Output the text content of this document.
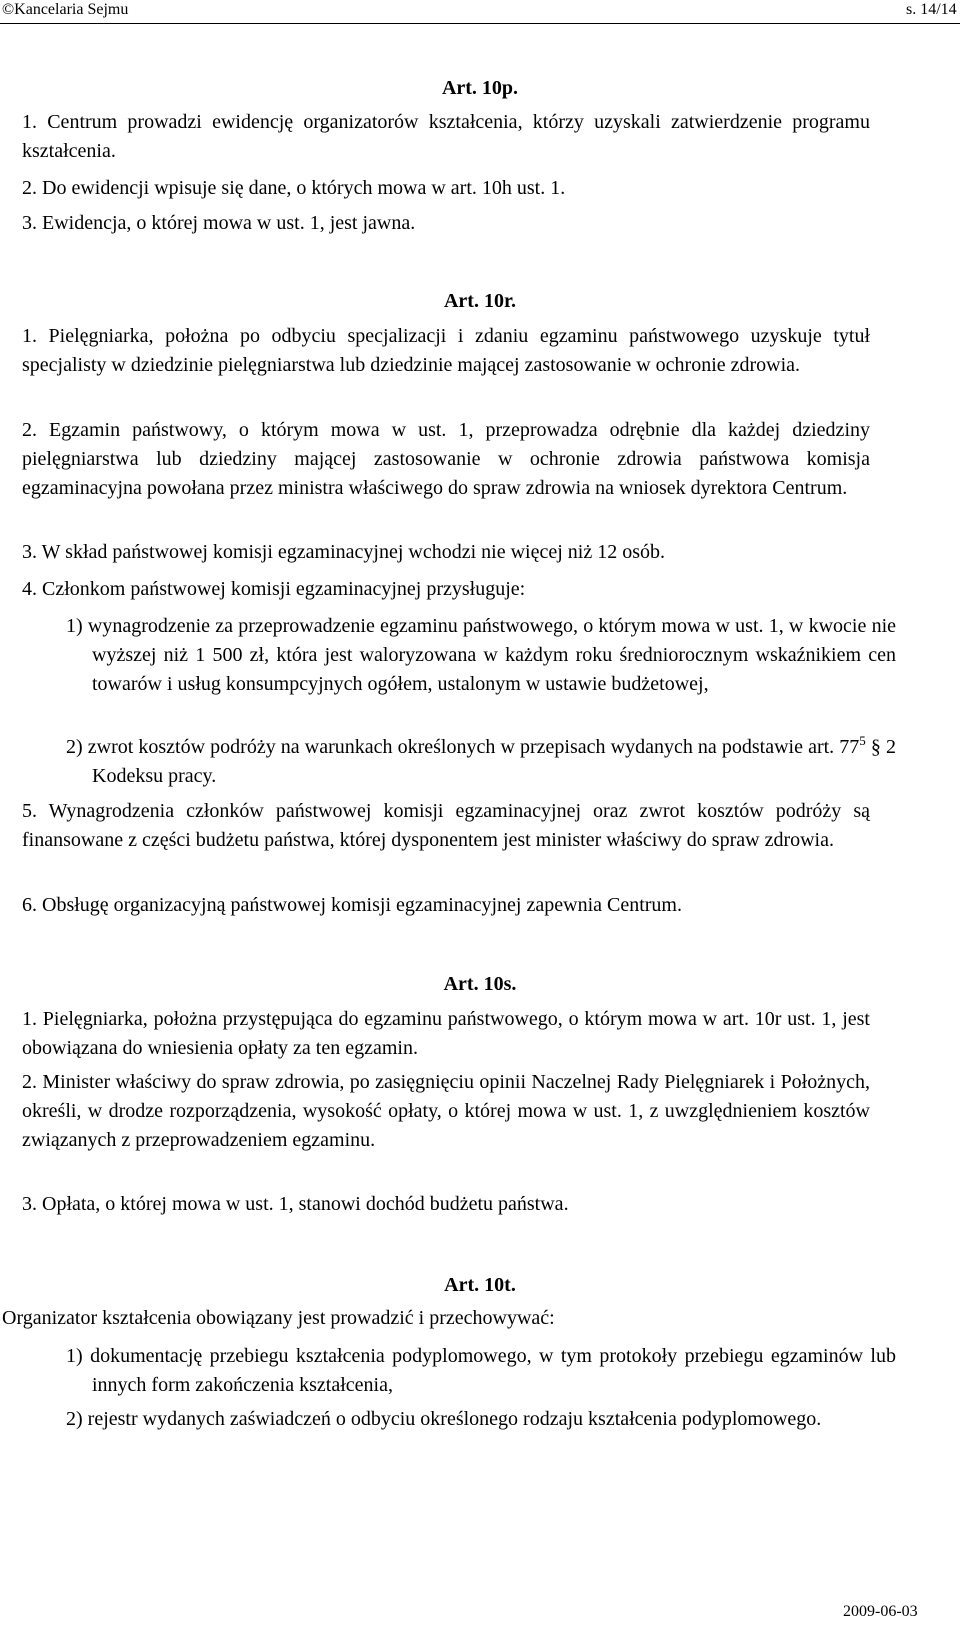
©Kancelaria Sejmu	s. 14/14
Art. 10p.

1. Centrum prowadzi ewidencję organizatorów kształcenia, którzy uzyskali zatwierdzenie programu kształcenia.

2. Do ewidencji wpisuje się dane, o których mowa w art. 10h ust. 1.

3. Ewidencja, o której mowa w ust. 1, jest jawna.

Art. 10r.

1. Pielęgniarka, położna po odbyciu specjalizacji i zdaniu egzaminu państwowego uzyskuje tytuł specjalisty w dziedzinie pielęgniarstwa lub dziedzinie mającej zastosowanie w ochronie zdrowia.

2. Egzamin państwowy, o którym mowa w ust. 1, przeprowadza odrębnie dla każdej dziedziny pielęgniarstwa lub dziedziny mającej zastosowanie w ochronie zdrowia państwowa komisja egzaminacyjna powołana przez ministra właściwego do spraw zdrowia na wniosek dyrektora Centrum.

3. W skład państwowej komisji egzaminacyjnej wchodzi nie więcej niż 12 osób.

4. Członkom państwowej komisji egzaminacyjnej przysługuje:

1) wynagrodzenie za przeprowadzenie egzaminu państwowego, o którym mowa w ust. 1, w kwocie nie wyższej niż 1 500 zł, która jest waloryzowana w każdym roku średniorocznym wskaźnikiem cen towarów i usług konsumpcyjnych ogółem, ustalonym w ustawie budżetowej,

2) zwrot kosztów podróży na warunkach określonych w przepisach wydanych na podstawie art. $77^5$ § 2 Kodeksu pracy.

5. Wynagrodzenia członków państwowej komisji egzaminacyjnej oraz zwrot kosztów podróży są finansowane z części budżetu państwa, której dysponentem jest minister właściwy do spraw zdrowia.

6. Obsługę organizacyjną państwowej komisji egzaminacyjnej zapewnia Centrum.

Art. 10s.

1. Pielęgniarka, położna przystępująca do egzaminu państwowego, o którym mowa w art. 10r ust. 1, jest obowiązana do wniesienia opłaty za ten egzamin.

2. Minister właściwy do spraw zdrowia, po zasięgnięciu opinii Naczelnej Rady Pielęgniarek i Położnych, określi, w drodze rozporządzenia, wysokość opłaty, o której mowa w ust. 1, z uwzględnieniem kosztów związanych z przeprowadzeniem egzaminu.

3. Opłata, o której mowa w ust. 1, stanowi dochód budżetu państwa.

Art. 10t.

Organizator kształcenia obowiązany jest prowadzić i przechowywać:

1) dokumentację przebiegu kształcenia podyplomowego, w tym protokoły przebiegu egzaminów lub innych form zakończenia kształcenia,

2) rejestr wydanych zaświadczeń o odbyciu określonego rodzaju kształcenia podyplomowego.

2009-06-03
